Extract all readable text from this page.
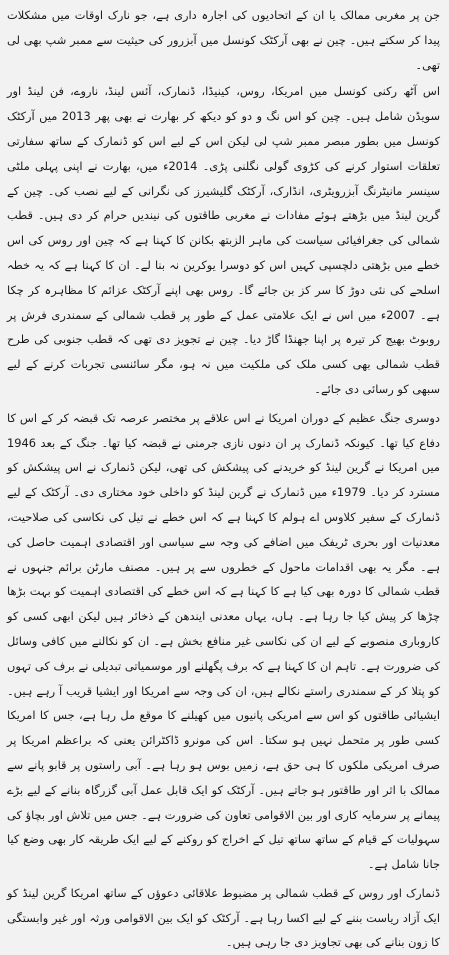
جن پر مغربی ممالک یا ان کے اتحادیوں کی اجارہ داری ہے، جو نارک اوقات میں مشکلات پیدا کر سکتے ہیں۔ چین نے بھی آرکٹک کونسل میں آبزرور کی حیثیت سے ممبر شپ بھی لی تھی۔

اس آٹھ رکنی کونسل میں امریکا، روس، کینیڈا، ڈنمارک، آئس لینڈ، ناروے، فن لینڈ اور سویڈن شامل ہیں۔ چین کو اس نگ و دو کو دیکھ کر بھارت نے بھی پھر 2013 میں آرکٹک کونسل میں بطور مبصر ممبر شپ لی لیکن اس کے لیے اس کو ڈنمارک کے ساتھ سفارتی تعلقات استوار کرنے کی کڑوی گولی نگلنی پڑی۔ 2014ء میں، بھارت نے اپنی پہلی ملٹی سینسر مانیٹرنگ آبزرویٹری، انڈارک، آرکٹک گلیشیرز کی نگرانی کے لیے نصب کی۔ چین کے گرین لینڈ میں بڑھتے ہوئے مفادات نے مغربی طاقتوں کی نیندیں حرام کر دی ہیں۔ قطب شمالی کی جغرافیائی سیاست کی ماہر الزبتھ بکانن کا کہنا ہے کہ چین اور روس کی اس خطے میں بڑھتی دلچسپی کہیں اس کو دوسرا یوکرین نہ بنا لے۔ ان کا کہنا ہے کہ یہ خطہ اسلحے کی نئی دوڑ کا سر کز بن جائے گا۔ روس بھی اپنے آرکٹک عزائم کا مظاہرہ کر چکا ہے۔ 2007ء میں اس نے ایک علامتی عمل کے طور پر قطب شمالی کے سمندری فرش پر روبوٹ بھیج کر تیرہ پر اپنا جھنڈا گاڑ دیا۔ چین نے تجویز دی تھی کہ قطب جنوبی کی طرح قطب شمالی بھی کسی ملک کی ملکیت میں نہ ہو، مگر سائنسی تجربات کرنے کے لیے سبھی کو رسائی دی جائے۔

دوسری جنگ عظیم کے دوران امریکا نے اس علاقے پر مختصر عرصہ تک قبضہ کر کے اس کا دفاع کیا تھا۔ کیونکہ ڈنمارک پر ان دنوں نازی جرمنی نے قبضہ کیا تھا۔ جنگ کے بعد 1946 میں امریکا نے گرین لینڈ کو خریدنے کی پیشکش کی تھی، لیکن ڈنمارک نے اس پیشکش کو مسترد کر دیا۔ 1979ء میں ڈنمارک نے گرین لینڈ کو داخلی خود مختاری دی۔ آرکٹک کے لیے ڈنمارک کے سفیر کلاوس اے ہولم کا کہنا ہے کہ اس خطے نے تیل کی نکاسی کی صلاحیت، معدنیات اور بحری ٹریفک میں اضافے کی وجہ سے سیاسی اور اقتصادی اہمیت حاصل کی ہے۔ مگر یہ بھی اقدامات ماحول کے خطروں سے پر ہیں۔ مصنف مارٹن برائم جنہوں نے قطب شمالی کا دورہ بھی کیا ہے کا کہنا ہے کہ اس خطے کی اقتصادی اہمیت کو بہت بڑھا چڑھا کر پیش کیا جا رہا ہے۔ ہاں، یہاں معدنی ایندھن کے ذخائر ہیں لیکن ابھی کسی کو کاروباری منصوبے کے لیے ان کی نکاسی غیر منافع بخش ہے۔ ان کو نکالنے میں کافی وسائل کی ضرورت ہے۔ تاہم ان کا کہنا ہے کہ برف پگھلنے اور موسمیاتی تبدیلی نے برف کی تہوں کو پتلا کر کے سمندری راستے نکالے ہیں، ان کی وجہ سے امریکا اور ایشیا قریب آ رہے ہیں۔ ایشیائی طاقتوں کو اس سے امریکی پانیوں میں کھیلنے کا موقع مل رہا ہے، جس کا امریکا کسی طور پر متحمل نہیں ہو سکتا۔ اس کی مونرو ڈاکٹرائن یعنی کہ براعظم امریکا پر صرف امریکی ملکوں کا ہی حق ہے، زمیں بوس ہو رہا ہے۔ آبی راستوں پر قابو پانے سے ممالک با اثر اور طاقتور ہو جاتے ہیں۔ آرکٹک کو ایک قابل عمل آبی گزرگاہ بنانے کے لیے بڑے پیمانے پر سرمایہ کاری اور بین الاقوامی تعاون کی ضرورت ہے۔ جس میں تلاش اور بچاؤ کی سہولیات کے قیام کے ساتھ ساتھ تیل کے اخراج کو روکنے کے لیے ایک طریقہ کار بھی وضع کیا جانا شامل ہے۔

ڈنمارک اور روس کے قطب شمالی پر مضبوط علاقائی دعوؤں کے ساتھ امریکا گرین لینڈ کو ایک آزاد ریاست بننے کے لیے اکسا رہا ہے۔ آرکٹک کو ایک بین الاقوامی ورثہ اور غیر وابستگی کا زون بنانے کی بھی تجاویز دی جا رہی ہیں۔
